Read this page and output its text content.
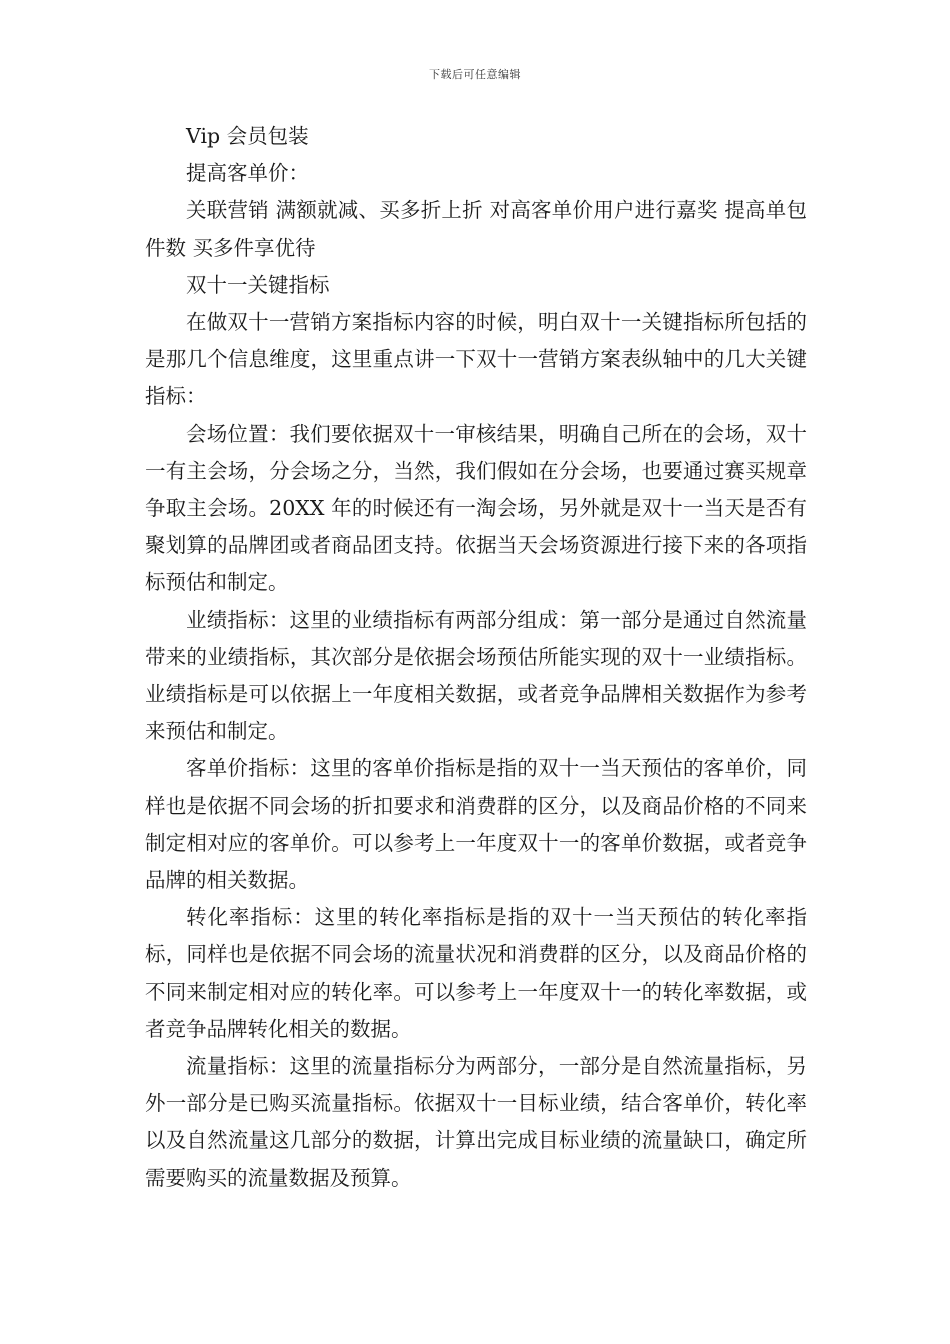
下载后可任意编辑

Vip 会员包装

提高客单价：

关联营销 满额就减、买多折上折 对高客单价用户进行嘉奖 提高单包件数 买多件享优待

双十一关键指标

在做双十一营销方案指标内容的时候，明白双十一关键指标所包括的是那几个信息维度，这里重点讲一下双十一营销方案表纵轴中的几大关键指标：

会场位置：我们要依据双十一审核结果，明确自己所在的会场，双十一有主会场，分会场之分，当然，我们假如在分会场，也要通过赛买规章争取主会场。20XX 年的时候还有一淘会场，另外就是双十一当天是否有聚划算的品牌团或者商品团支持。依据当天会场资源进行接下来的各项指标预估和制定。

业绩指标：这里的业绩指标有两部分组成：第一部分是通过自然流量带来的业绩指标，其次部分是依据会场预估所能实现的双十一业绩指标。业绩指标是可以依据上一年度相关数据，或者竞争品牌相关数据作为参考来预估和制定。

客单价指标：这里的客单价指标是指的双十一当天预估的客单价，同样也是依据不同会场的折扣要求和消费群的区分，以及商品价格的不同来制定相对应的客单价。可以参考上一年度双十一的客单价数据，或者竞争品牌的相关数据。

转化率指标：这里的转化率指标是指的双十一当天预估的转化率指标，同样也是依据不同会场的流量状况和消费群的区分，以及商品价格的不同来制定相对应的转化率。可以参考上一年度双十一的转化率数据，或者竞争品牌转化相关的数据。

流量指标：这里的流量指标分为两部分，一部分是自然流量指标，另外一部分是已购买流量指标。依据双十一目标业绩，结合客单价，转化率以及自然流量这几部分的数据，计算出完成目标业绩的流量缺口，确定所需要购买的流量数据及预算。
